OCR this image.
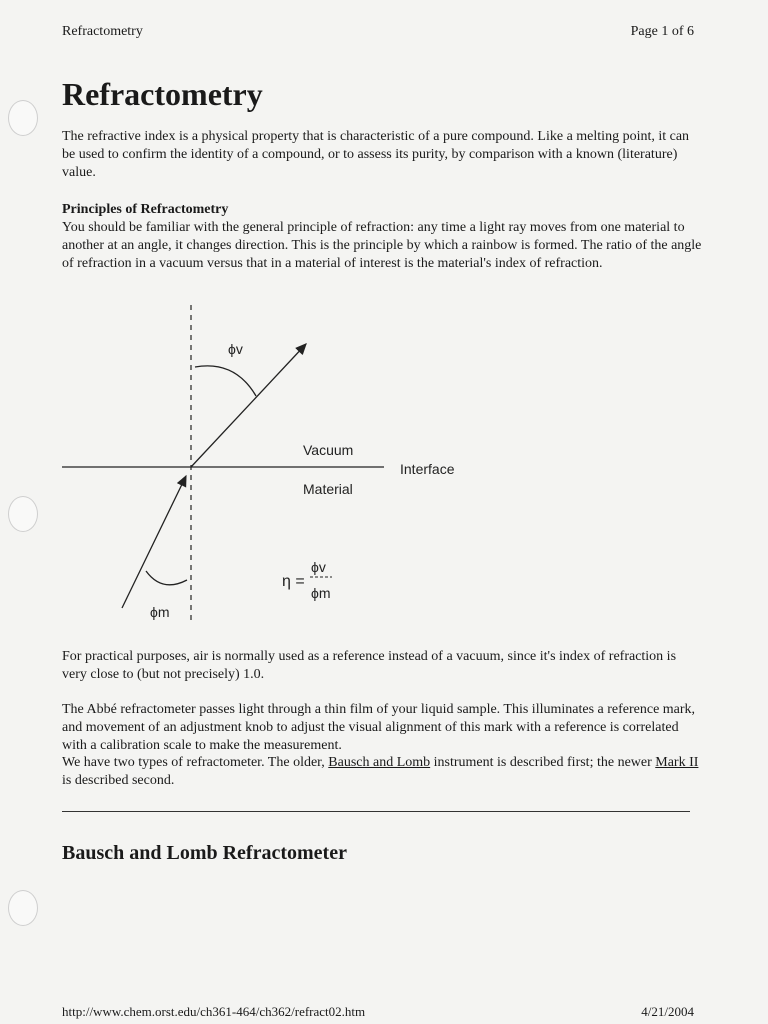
Refractometry	Page 1 of 6
Refractometry

The refractive index is a physical property that is characteristic of a pure compound. Like a melting point, it can be used to confirm the identity of a compound, or to assess its purity, by comparison with a known (literature) value.

Principles of Refractometry
You should be familiar with the general principle of refraction: any time a light ray moves from one material to another at an angle, it changes direction. This is the principle by which a rainbow is formed. The ratio of the angle of refraction in a vacuum versus that in a material of interest is the material's index of refraction.
ϕv
ϕm
Vacuum
Material
Interface
η =
ϕv
ϕm

For practical purposes, air is normally used as a reference instead of a vacuum, since it's index of refraction is very close to (but not precisely) 1.0.

The Abbé refractometer passes light through a thin film of your liquid sample. This illuminates a reference mark, and movement of an adjustment knob to adjust the visual alignment of this mark with a reference is correlated with a calibration scale to make the measurement.

We have two types of refractometer. The older, Bausch and Lomb instrument is described first; the newer Mark II is described second.

Bausch and Lomb Refractometer
http://www.chem.orst.edu/ch361-464/ch362/refract02.htm	4/21/2004
